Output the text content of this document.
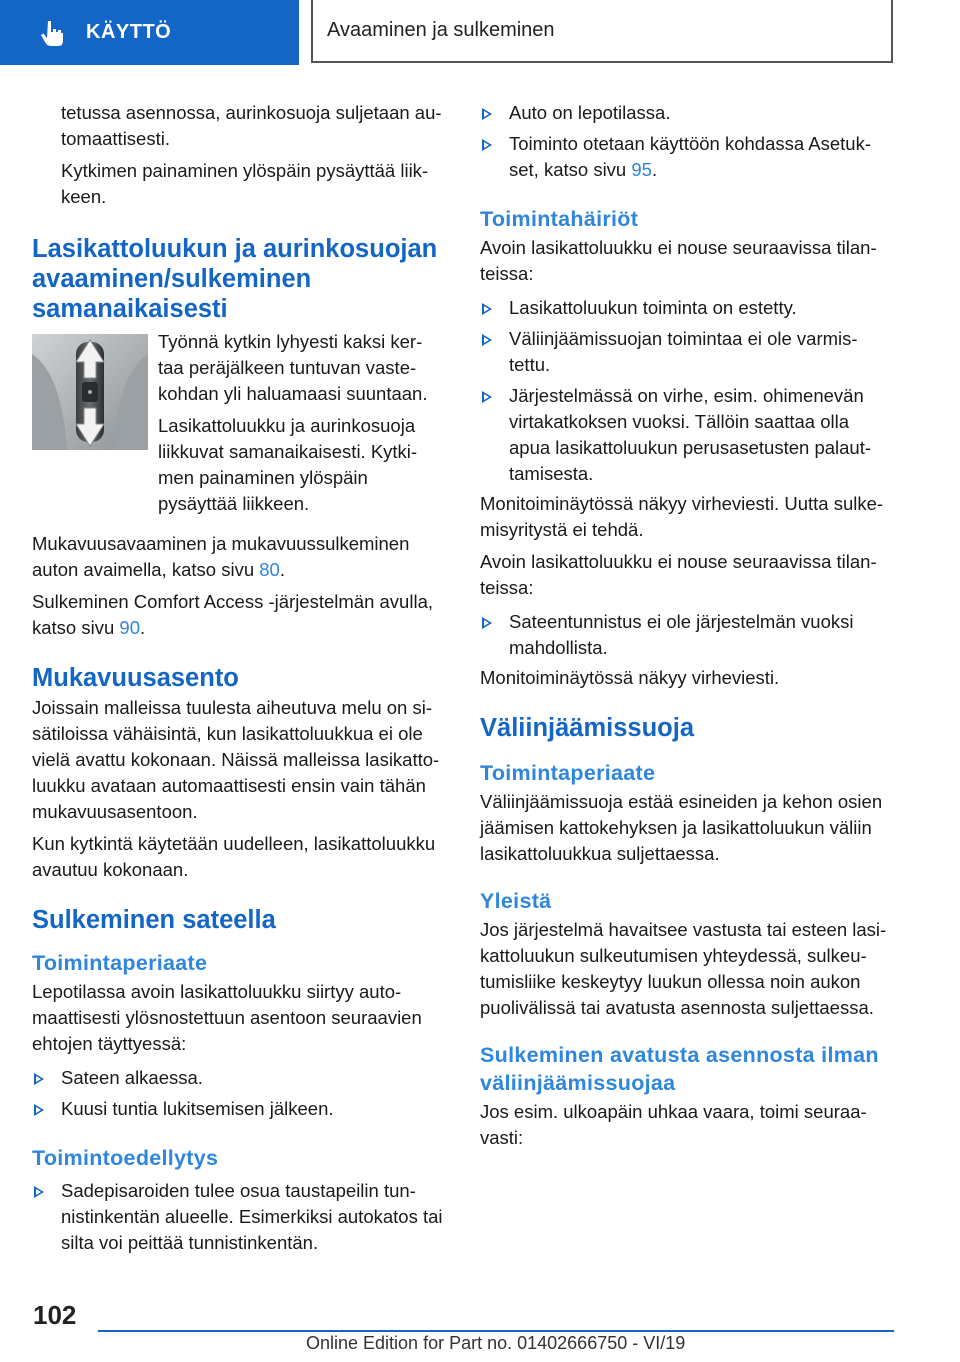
KÄYTTÖ	Avaaminen ja sulkeminen

tetussa asennossa, aurinkosuoja suljetaan au-tomaattisesti.

Kytkimen painaminen ylöspäin pysäyttää liik-keen.

Lasikattoluukun ja aurinkosuojan avaaminen/sulkeminen samanaikaisesti

Työnnä kytkin lyhyesti kaksi ker-taa peräjälkeen tuntuvan vaste-kohdan yli haluamaasi suuntaan.

Lasikattoluukku ja aurinkosuoja liikkuvat samanaikaisesti. Kytki-men painaminen ylöspäin pysäyttää liikkeen.

Mukavuusavaaminen ja mukavuussulkeminen auton avaimella, katso sivu 80.

Sulkeminen Comfort Access -järjestelmän avulla, katso sivu 90.

Mukavuusasento

Joissain malleissa tuulesta aiheutuva melu on si-sätiloissa vähäisintä, kun lasikattoluukkua ei ole vielä avattu kokonaan. Näissä malleissa lasikatto-luukku avataan automaattisesti ensin vain tähän mukavuusasentoon.

Kun kytkintä käytetään uudelleen, lasikattoluukku avautuu kokonaan.

Sulkeminen sateella
Toimintaperiaate

Lepotilassa avoin lasikattoluukku siirtyy auto-maattisesti ylösnostettuun asentoon seuraavien ehtojen täyttyessä:

Sateen alkaessa.
Kuusi tuntia lukitsemisen jälkeen.
Toimintoedellytys
Sadepisaroiden tulee osua taustapeilin tun-nistinkentän alueelle. Esimerkiksi autokatos tai silta voi peittää tunnistinkentän.
Auto on lepotilassa.
Toiminto otetaan käyttöön kohdassa Asetuk-set, katso sivu 95.
Toimintahäiriöt

Avoin lasikattoluukku ei nouse seuraavissa tilan-teissa:

Lasikattoluukun toiminta on estetty.
Väliinjäämissuojan toimintaa ei ole varmis-tettu.
Järjestelmässä on virhe, esim. ohimenevän virtakatkoksen vuoksi. Tällöin saattaa olla apua lasikattoluukun perusasetusten palaut-tamisesta.

Monitoiminäytössä näkyy virheviesti. Uutta sulke-misyritystä ei tehdä.

Avoin lasikattoluukku ei nouse seuraavissa tilan-teissa:

Sateentunnistus ei ole järjestelmän vuoksi mahdollista.

Monitoiminäytössä näkyy virheviesti.

Väliinjäämissuoja
Toimintaperiaate

Väliinjäämissuoja estää esineiden ja kehon osien jäämisen kattokehyksen ja lasikattoluukun väliin lasikattoluukkua suljettaessa.

Yleistä

Jos järjestelmä havaitsee vastusta tai esteen lasi-kattoluukun sulkeutumisen yhteydessä, sulkeu-tumisliike keskeytyy luukun ollessa noin aukon puolivälissä tai avatusta asennosta suljettaessa.

Sulkeminen avatusta asennosta ilman väliinjäämissuojaa

Jos esim. ulkoapäin uhkaa vaara, toimi seuraa-vasti:

102
Online Edition for Part no. 01402666750 - VI/19
